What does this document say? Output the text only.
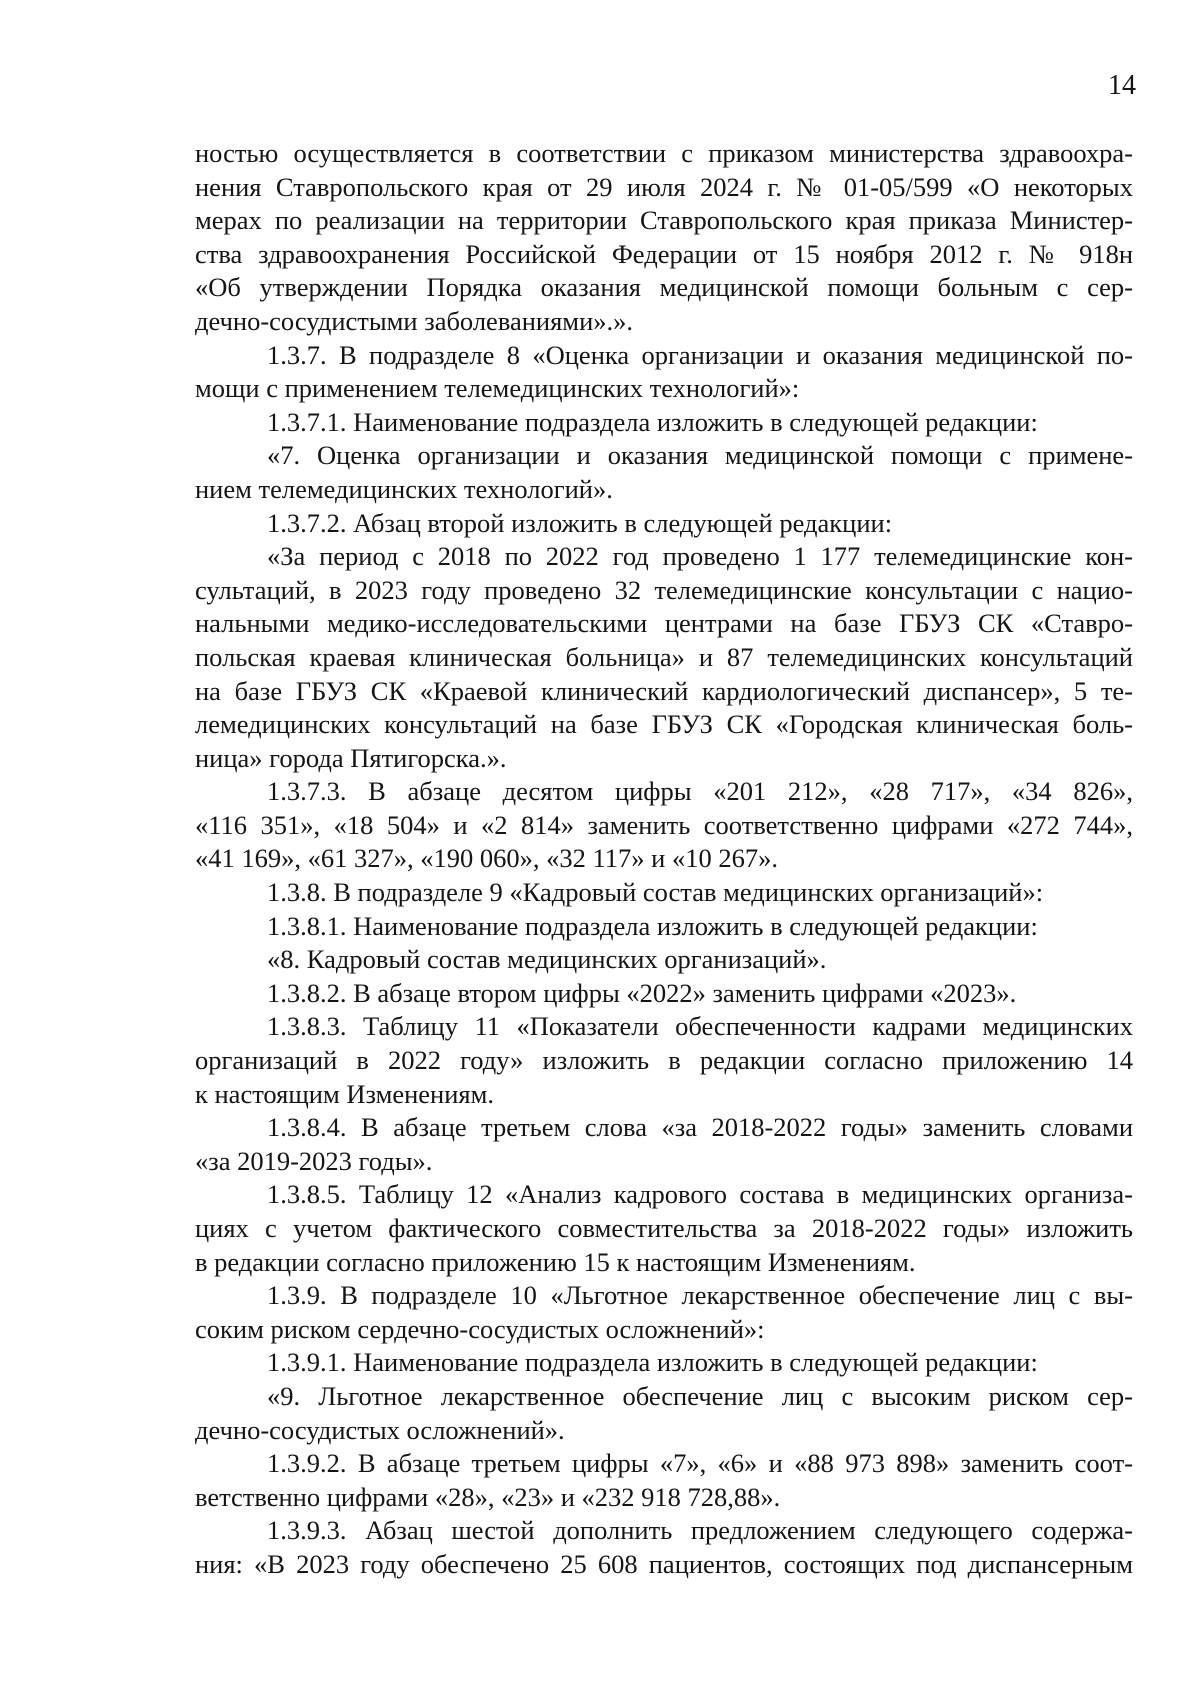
14
ностью осуществляется в соответствии с приказом министерства здравоохра-
нения Ставропольского края от 29 июля 2024 г. № 01-05/599 «О некоторых
мерах по реализации на территории Ставропольского края приказа Министер-
ства здравоохранения Российской Федерации от 15 ноября 2012 г. № 918н
«Об утверждении Порядка оказания медицинской помощи больным с сер-
дечно-сосудистыми заболеваниями».».
1.3.7. В подразделе 8 «Оценка организации и оказания медицинской по-
мощи с применением телемедицинских технологий»:
1.3.7.1. Наименование подраздела изложить в следующей редакции:
«7. Оценка организации и оказания медицинской помощи с примене-
нием телемедицинских технологий».
1.3.7.2. Абзац второй изложить в следующей редакции:
«За период с 2018 по 2022 год проведено 1 177 телемедицинские кон-
сультаций, в 2023 году проведено 32 телемедицинские консультации с нацио-
нальными медико-исследовательскими центрами на базе ГБУЗ СК «Ставро-
польская краевая клиническая больница» и 87 телемедицинских консультаций
на базе ГБУЗ СК «Краевой клинический кардиологический диспансер», 5 те-
лемедицинских консультаций на базе ГБУЗ СК «Городская клиническая боль-
ница» города Пятигорска.».
1.3.7.3. В абзаце десятом цифры «201 212», «28 717», «34 826»,
«116 351», «18 504» и «2 814» заменить соответственно цифрами «272 744»,
«41 169», «61 327», «190 060», «32 117» и «10 267».
1.3.8. В подразделе 9 «Кадровый состав медицинских организаций»:
1.3.8.1. Наименование подраздела изложить в следующей редакции:
«8. Кадровый состав медицинских организаций».
1.3.8.2. В абзаце втором цифры «2022» заменить цифрами «2023».
1.3.8.3. Таблицу 11 «Показатели обеспеченности кадрами медицинских
организаций в 2022 году» изложить в редакции согласно приложению 14
к настоящим Изменениям.
1.3.8.4. В абзаце третьем слова «за 2018-2022 годы» заменить словами
«за 2019-2023 годы».
1.3.8.5. Таблицу 12 «Анализ кадрового состава в медицинских организа-
циях с учетом фактического совместительства за 2018-2022 годы» изложить
в редакции согласно приложению 15 к настоящим Изменениям.
1.3.9. В подразделе 10 «Льготное лекарственное обеспечение лиц с вы-
соким риском сердечно-сосудистых осложнений»:
1.3.9.1. Наименование подраздела изложить в следующей редакции:
«9. Льготное лекарственное обеспечение лиц с высоким риском сер-
дечно-сосудистых осложнений».
1.3.9.2. В абзаце третьем цифры «7», «6» и «88 973 898» заменить соот-
ветственно цифрами «28», «23» и «232 918 728,88».
1.3.9.3. Абзац шестой дополнить предложением следующего содержа-
ния: «В 2023 году обеспечено 25 608 пациентов, состоящих под диспансерным
